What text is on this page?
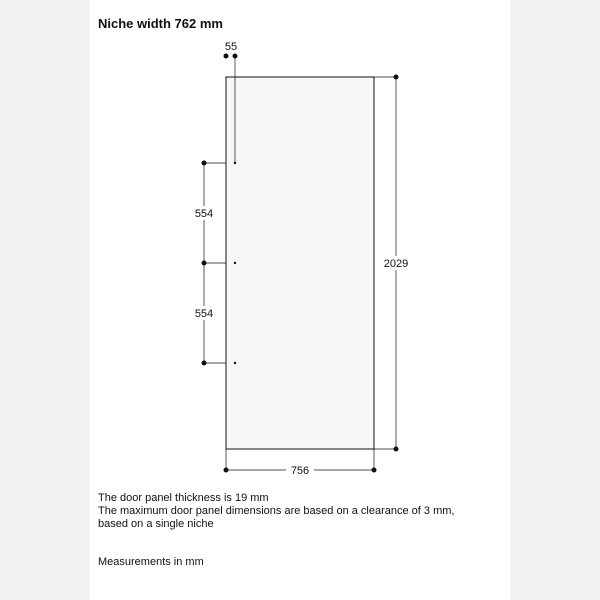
Niche width 762 mm
55
554
554
2029
756

The door panel thickness is 19 mm

The maximum door panel dimensions are based on a clearance of 3 mm,

based on a single niche

Measurements in mm
